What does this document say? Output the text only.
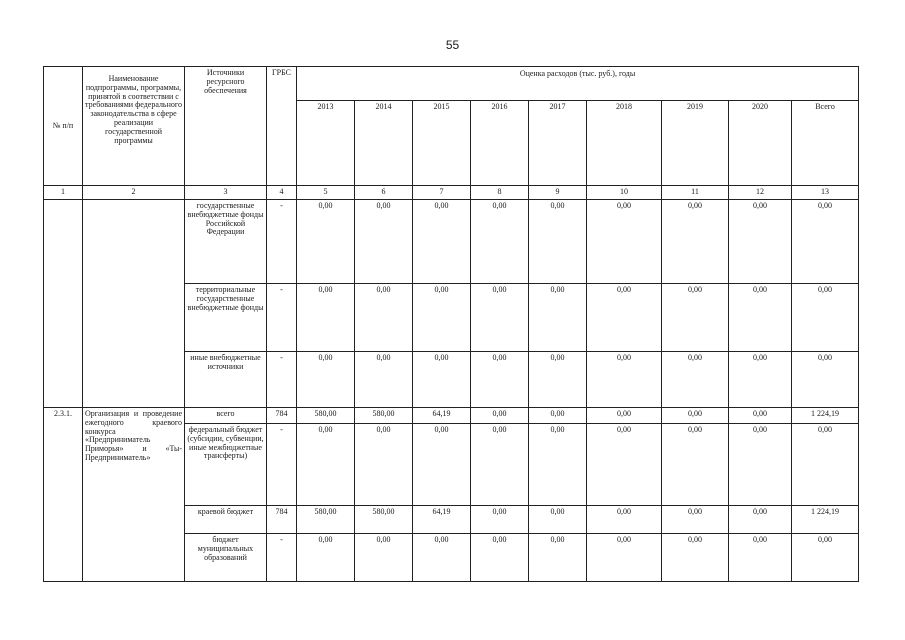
55
№ п/п	Наименование подпрограммы, программы, принятой в соответствии с требованиями федерального законодательства в сфере реализации государственной программы	Источники ресурсного обеспечения	ГРБС	Оценка расходов (тыс. руб.), годы								
				2013	2014	2015	2016	2017	2018	2019	2020	Всего
1	2	3	4	5	6	7	8	9	10	11	12	13
		государственные внебюджетные фонды Российской Федерации	-	0,00	0,00	0,00	0,00	0,00	0,00	0,00	0,00	0,00
		территориальные государственные внебюджетные фонды	-	0,00	0,00	0,00	0,00	0,00	0,00	0,00	0,00	0,00
		иные внебюджетные источники	-	0,00	0,00	0,00	0,00	0,00	0,00	0,00	0,00	0,00
2.3.1.	Организация и проведение ежегодного краевого конкурса «Предприниматель Приморья» и «Ты-Предприниматель»	всего	784	580,00	580,00	64,19	0,00	0,00	0,00	0,00	0,00	1 224,19
		федеральный бюджет (субсидии, субвенции, иные межбюджетные трансферты)	-	0,00	0,00	0,00	0,00	0,00	0,00	0,00	0,00	0,00
		краевой бюджет	784	580,00	580,00	64,19	0,00	0,00	0,00	0,00	0,00	1 224,19
		бюджет муниципальных образований	-	0,00	0,00	0,00	0,00	0,00	0,00	0,00	0,00	0,00
